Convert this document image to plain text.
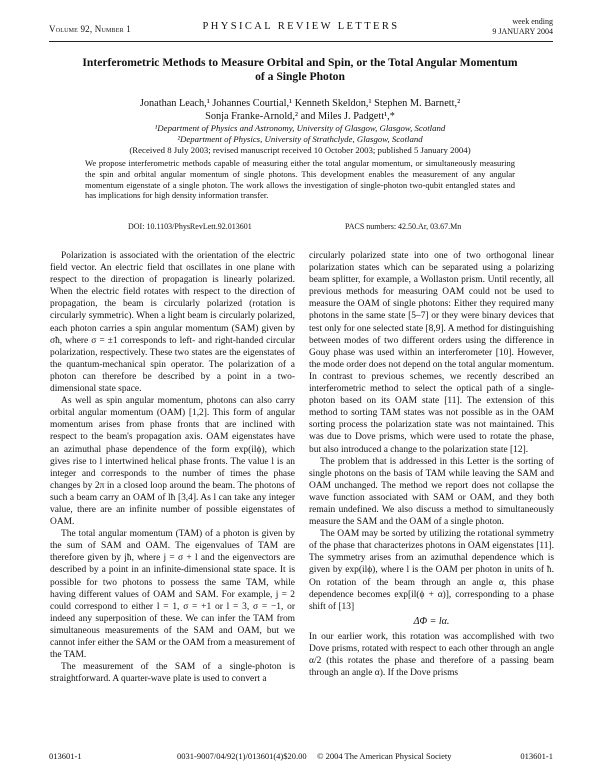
Volume 92, Number 1	PHYSICAL REVIEW LETTERS	week ending
9 JANUARY 2004
Interferometric Methods to Measure Orbital and Spin, or the Total Angular Momentum
of a Single Photon
Jonathan Leach,¹ Johannes Courtial,¹ Kenneth Skeldon,¹ Stephen M. Barnett,²
Sonja Franke-Arnold,² and Miles J. Padgett¹,*
¹Department of Physics and Astronomy, University of Glasgow, Glasgow, Scotland
²Department of Physics, University of Strathclyde, Glasgow, Scotland
(Received 8 July 2003; revised manuscript received 10 October 2003; published 5 January 2004)
We propose interferometric methods capable of measuring either the total angular momentum, or simultaneously measuring the spin and orbital angular momentum of single photons. This development enables the measurement of any angular momentum eigenstate of a single photon. The work allows the investigation of single-photon two-qubit entangled states and has implications for high density information transfer.
DOI: 10.1103/PhysRevLett.92.013601	PACS numbers: 42.50.Ar, 03.67.Mn

Polarization is associated with the orientation of the electric field vector. An electric field that oscillates in one plane with respect to the direction of propagation is linearly polarized. When the electric field rotates with respect to the direction of propagation, the beam is circularly polarized (rotation is circularly symmetric). When a light beam is circularly polarized, each photon carries a spin angular momentum (SAM) given by σħ, where σ = ±1 corresponds to left- and right-handed circular polarization, respectively. These two states are the eigenstates of the quantum-mechanical spin operator. The polarization of a photon can therefore be described by a point in a two-dimensional state space.

As well as spin angular momentum, photons can also carry orbital angular momentum (OAM) [1,2]. This form of angular momentum arises from phase fronts that are inclined with respect to the beam's propagation axis. OAM eigenstates have an azimuthal phase dependence of the form exp(ilϕ), which gives rise to l intertwined helical phase fronts. The value l is an integer and corresponds to the number of times the phase changes by 2π in a closed loop around the beam. The photons of such a beam carry an OAM of lħ [3,4]. As l can take any integer value, there are an infinite number of possible eigenstates of OAM.

The total angular momentum (TAM) of a photon is given by the sum of SAM and OAM. The eigenvalues of TAM are therefore given by jħ, where j = σ + l and the eigenvectors are described by a point in an infinite-dimensional state space. It is possible for two photons to possess the same TAM, while having different values of OAM and SAM. For example, j = 2 could correspond to either l = 1, σ = +1 or l = 3, σ = −1, or indeed any superposition of these. We can infer the TAM from simultaneous measurements of the SAM and OAM, but we cannot infer either the SAM or the OAM from a measurement of the TAM.

The measurement of the SAM of a single-photon is straightforward. A quarter-wave plate is used to convert a

circularly polarized state into one of two orthogonal linear polarization states which can be separated using a polarizing beam splitter, for example, a Wollaston prism. Until recently, all previous methods for measuring OAM could not be used to measure the OAM of single photons: Either they required many photons in the same state [5–7] or they were binary devices that test only for one selected state [8,9]. A method for distinguishing between modes of two different orders using the difference in Gouy phase was used within an interferometer [10]. However, the mode order does not depend on the total angular momentum. In contrast to previous schemes, we recently described an interferometric method to select the optical path of a single-photon based on its OAM state [11]. The extension of this method to sorting TAM states was not possible as in the OAM sorting process the polarization state was not maintained. This was due to Dove prisms, which were used to rotate the phase, but also introduced a change to the polarization state [12].

The problem that is addressed in this Letter is the sorting of single photons on the basis of TAM while leaving the SAM and OAM unchanged. The method we report does not collapse the wave function associated with SAM or OAM, and they both remain undefined. We also discuss a method to simultaneously measure the SAM and the OAM of a single photon.

The OAM may be sorted by utilizing the rotational symmetry of the phase that characterizes photons in OAM eigenstates [11]. The symmetry arises from an azimuthal dependence which is given by exp(ilϕ), where l is the OAM per photon in units of ħ. On rotation of the beam through an angle α, this phase dependence becomes exp[il(ϕ + α)], corresponding to a phase shift of [13]

ΔΦ = lα.

In our earlier work, this rotation was accomplished with two Dove prisms, rotated with respect to each other through an angle α/2 (this rotates the phase and therefore of a passing beam through an angle α). If the Dove prisms

013601-1	0031-9007/04/92(1)/013601(4)$20.00 © 2004 The American Physical Society	013601-1
